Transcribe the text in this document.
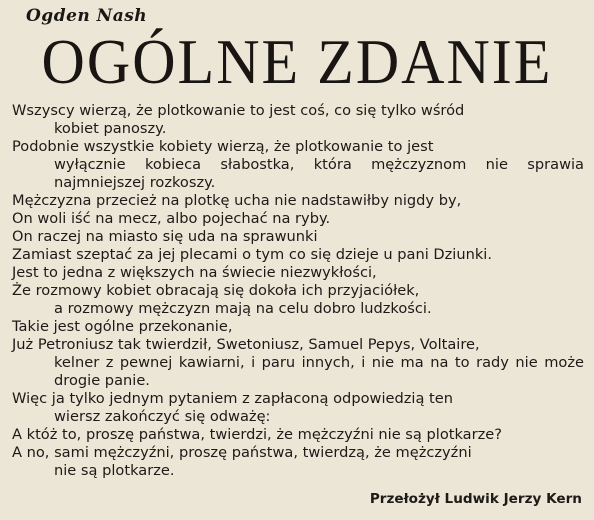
Ogden Nash
OGÓLNE ZDANIE

Wszyscy wierzą, że plotkowanie to jest coś, co się tylko wśród
kobiet panoszy.

Podobnie wszystkie kobiety wierzą, że plotkowanie to jest
wyłącznie kobieca słabostka, która mężczyznom nie sprawia najmniejszej rozkoszy.

Mężczyzna przecież na plotkę ucha nie nadstawiłby nigdy by,

On woli iść na mecz, albo pojechać na ryby.

On raczej na miasto się uda na sprawunki

Zamiast szeptać za jej plecami o tym co się dzieje u pani Dziunki.

Jest to jedna z większych na świecie niezwykłości,

Że rozmowy kobiet obracają się dokoła ich przyjaciółek,
a rozmowy mężczyzn mają na celu dobro ludzkości.

Takie jest ogólne przekonanie,

Już Petroniusz tak twierdził, Swetoniusz, Samuel Pepys, Voltaire,
kelner z pewnej kawiarni, i paru innych, i nie ma na to rady nie może drogie panie.

Więc ja tylko jednym pytaniem z zapłaconą odpowiedzią ten
wiersz zakończyć się odważę:

A któż to, proszę państwa, twierdzi, że mężczyźni nie są plotkarze?

A no, sami mężczyźni, proszę państwa, twierdzą, że mężczyźni
nie są plotkarze.

Przełożył Ludwik Jerzy Kern
